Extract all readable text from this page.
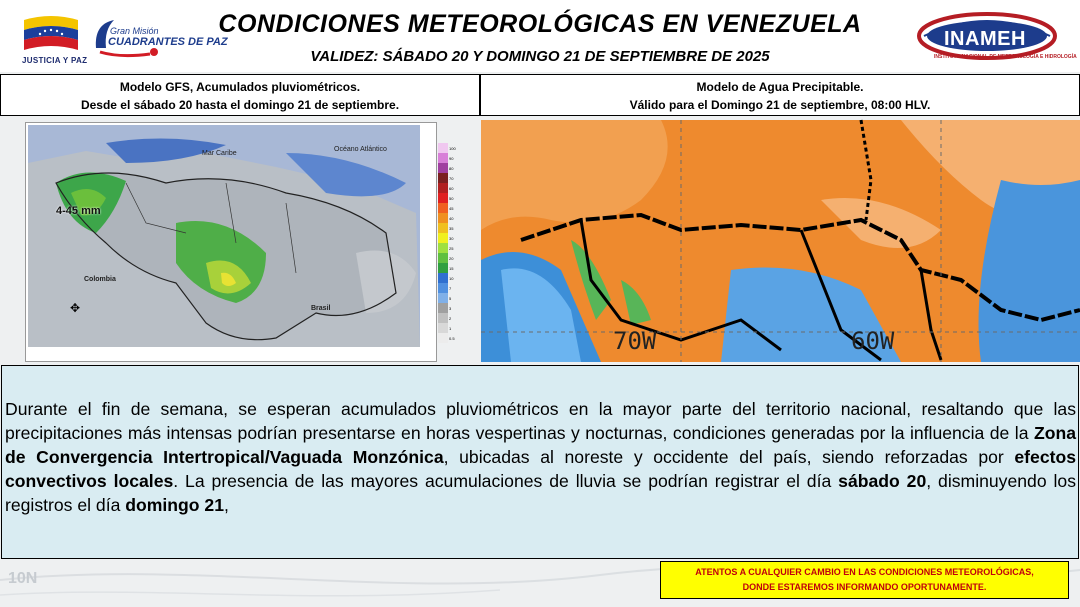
10N
JUSTICIA Y PAZ
Gran Misión
CUADRANTES DE PAZ
CONDICIONES METEOROLÓGICAS EN VENEZUELA
VALIDEZ: SÁBADO 20 Y DOMINGO 21 DE SEPTIEMBRE DE 2025
INAMEH
INSTITUTO NACIONAL DE METEOROLOGÍA E HIDROLOGÍA
Modelo GFS, Acumulados pluviométricos.
Desde el sábado 20 hasta el domingo 21 de septiembre.
Modelo de Agua Precipitable.
Válido para el Domingo 21 de septiembre, 08:00 HLV.
Mar Caribe
Océano Atlántico
Colombia
Brasil
4-45 mm
✥
100
90
80
70
60
50
45
40
35
30
25
20
15
10
7
5
3
2
1
0.5	70W	60W
Durante el fin de semana, se esperan acumulados pluviométricos en la mayor parte del territorio nacional, resaltando que las precipitaciones más intensas podrían presentarse en horas vespertinas y nocturnas, condiciones generadas por la influencia de la Zona de Convergencia Intertropical/Vaguada Monzónica, ubicadas al noreste y occidente del país, siendo reforzadas por efectos convectivos locales. La presencia de las mayores acumulaciones de lluvia se podrían registrar el día sábado 20, disminuyendo los registros el día domingo 21,
ATENTOS A CUALQUIER CAMBIO EN LAS CONDICIONES METEOROLÓGICAS,
DONDE ESTAREMOS INFORMANDO OPORTUNAMENTE.
